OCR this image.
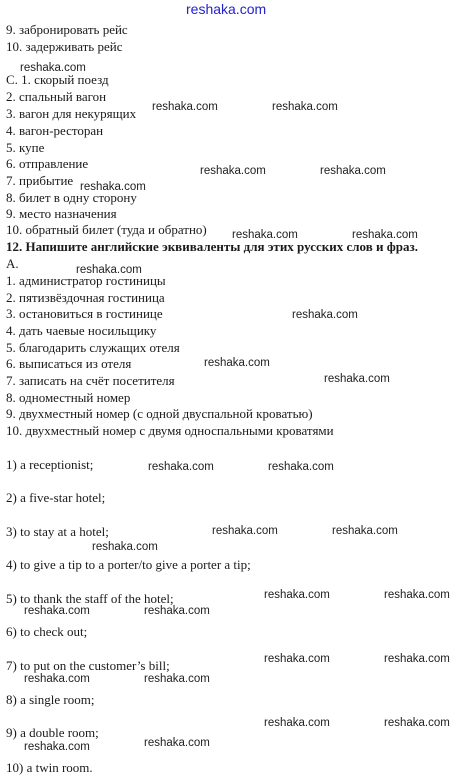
9. забронировать рейс
10. задерживать рейс
С. 1. скорый поезд
2. спальный вагон
3. вагон для некурящих
4. вагон-ресторан
5. купе
6. отправление
7. прибытие
8. билет в одну сторону
9. место назначения
10. обратный билет (туда и обратно)
12. Напишите английские эквиваленты для этих русских слов и фраз.
A.
1. администратор гостиницы
2. пятизвёздочная гостиница
3. остановиться в гостинице
4. дать чаевые носильщику
5. благодарить служащих отеля
6. выписаться из отеля
7. записать на счёт посетителя
8. одноместный номер
9. двухместный номер (с одной двуспальной кроватью)
10. двухместный номер с двумя односпальными кроватями
1) a receptionist;
2) a five-star hotel;
3) to stay at a hotel;
4) to give a tip to a porter/to give a porter a tip;
5) to thank the staff of the hotel;
6) to check out;
7) to put on the customer’s bill;
8) a single room;
9) a double room;
10) a twin room.
reshaka.com
reshaka.com
reshaka.com	reshaka.com
reshaka.com	reshaka.com
reshaka.com
reshaka.com	reshaka.com
reshaka.com
reshaka.com
reshaka.com
reshaka.com
reshaka.com	reshaka.com
reshaka.com	reshaka.com
reshaka.com
reshaka.com	reshaka.com
reshaka.com	reshaka.com
reshaka.com	reshaka.com
reshaka.com	reshaka.com
reshaka.com	reshaka.com
reshaka.com	reshaka.com
